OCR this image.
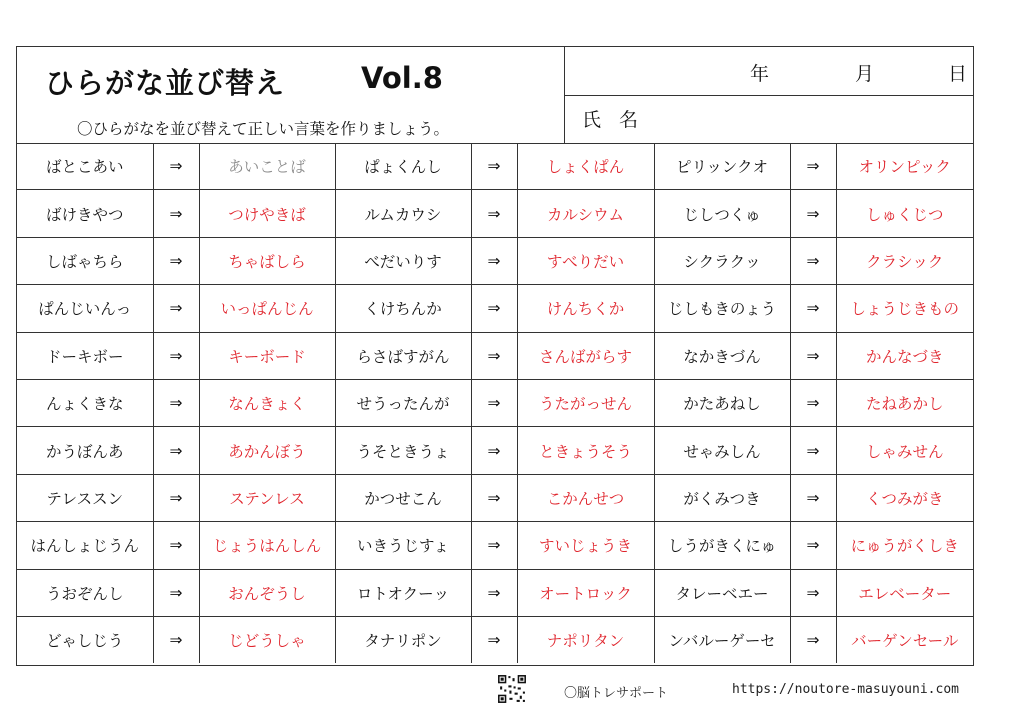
ひらがな並び替え	Vol.8
〇ひらがなを並び替えて正しい言葉を作りましょう。
年	月	日
氏 名
ばとこあい	⇒	あいことば	ぱょくんし	⇒	しょくぱん	ピリッンクオ	⇒	オリンピック
ばけきやつ	⇒	つけやきば	ルムカウシ	⇒	カルシウム	じしつくゅ	⇒	しゅくじつ
しばゃちら	⇒	ちゃばしら	べだいりす	⇒	すべりだい	シクラクッ	⇒	クラシック
ぱんじいんっ	⇒	いっぱんじん	くけちんか	⇒	けんちくか	じしもきのょう	⇒	しょうじきもの
ドーキボー	⇒	キーボード	らさばすがん	⇒	さんばがらす	なかきづん	⇒	かんなづき
んょくきな	⇒	なんきょく	せうったんが	⇒	うたがっせん	かたあねし	⇒	たねあかし
かうぼんあ	⇒	あかんぼう	うそときうょ	⇒	ときょうそう	せゃみしん	⇒	しゃみせん
テレススン	⇒	ステンレス	かつせこん	⇒	こかんせつ	がくみつき	⇒	くつみがき
はんしょじうん	⇒	じょうはんしん	いきうじすょ	⇒	すいじょうき	しうがきくにゅ	⇒	にゅうがくしき
うおぞんし	⇒	おんぞうし	ロトオクーッ	⇒	オートロック	タレーベエー	⇒	エレベーター
どゃしじう	⇒	じどうしゃ	タナリポン	⇒	ナポリタン	ンバルーゲーセ	⇒	バーゲンセール
〇脳トレサポート	https://noutore-masuyouni.com
